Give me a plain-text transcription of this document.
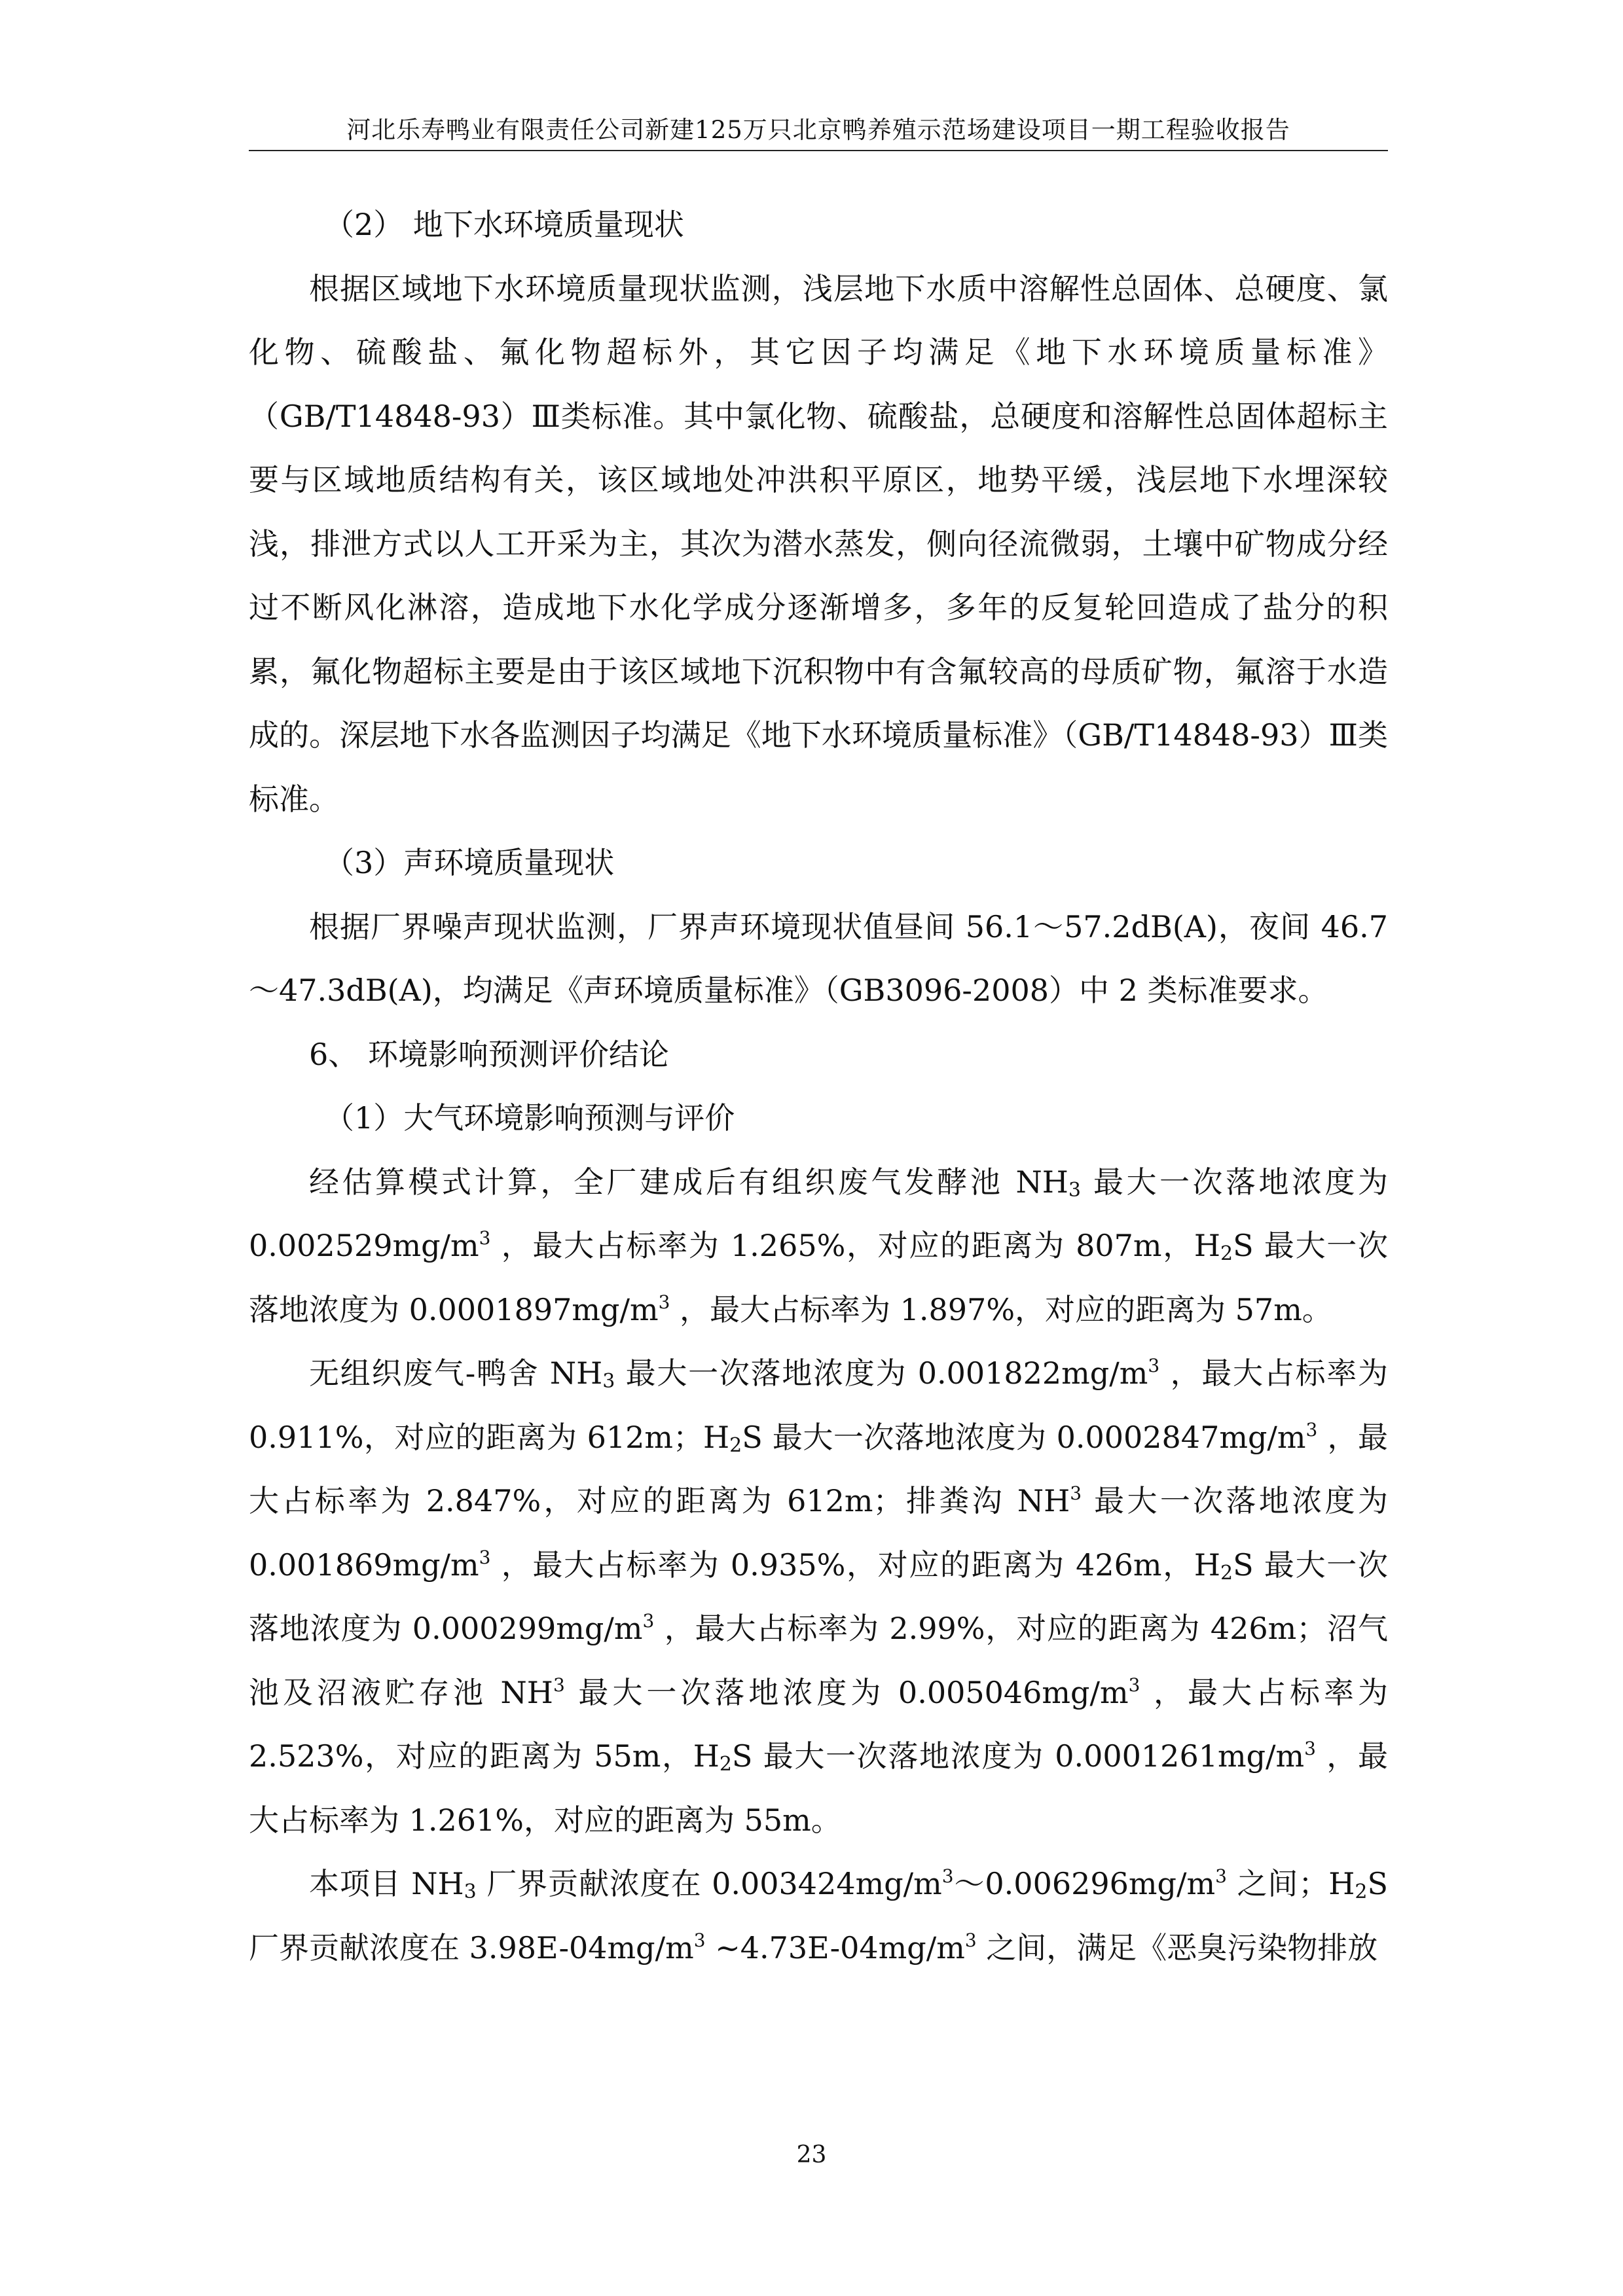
河北乐寿鸭业有限责任公司新建125万只北京鸭养殖示范场建设项目一期工程验收报告

（2） 地下水环境质量现状

根据区域地下水环境质量现状监测，浅层地下水质中溶解性总固体、总硬度、氯化物、硫酸盐、氟化物超标外，其它因子均满足《地下水环境质量标准》（GB/T14848-93）Ⅲ类标准。其中氯化物、硫酸盐，总硬度和溶解性总固体超标主要与区域地质结构有关，该区域地处冲洪积平原区，地势平缓，浅层地下水埋深较浅，排泄方式以人工开采为主，其次为潜水蒸发，侧向径流微弱，土壤中矿物成分经过不断风化淋溶，造成地下水化学成分逐渐增多，多年的反复轮回造成了盐分的积累，氟化物超标主要是由于该区域地下沉积物中有含氟较高的母质矿物，氟溶于水造成的。深层地下水各监测因子均满足《地下水环境质量标准》（GB/T14848-93）Ⅲ类标准。

（3）声环境质量现状

根据厂界噪声现状监测，厂界声环境现状值昼间 56.1～57.2dB(A)，夜间 46.7～47.3dB(A)，均满足《声环境质量标准》（GB3096-2008）中 2 类标准要求。

6、 环境影响预测评价结论

（1）大气环境影响预测与评价

经估算模式计算，全厂建成后有组织废气发酵池 $NH_3$ 最大一次落地浓度为 $0.002529mg/m^3$ ，最大占标率为 1.265%，对应的距离为 807m，$H_2S$ 最大一次落地浓度为 $0.0001897mg/m^3$ ，最大占标率为 1.897%，对应的距离为 57m。

无组织废气-鸭舍 $NH_3$ 最大一次落地浓度为 $0.001822mg/m^3$ ，最大占标率为 0.911%，对应的距离为 612m；$H_2S$ 最大一次落地浓度为 $0.0002847mg/m^3$ ，最大占标率为 2.847%，对应的距离为 612m；排粪沟 $NH^3$ 最大一次落地浓度为 $0.001869mg/m^3$ ，最大占标率为 0.935%，对应的距离为 426m，$H_2S$ 最大一次落地浓度为 $0.000299mg/m^3$ ，最大占标率为 2.99%，对应的距离为 426m；沼气池及沼液贮存池 $NH^3$ 最大一次落地浓度为 $0.005046mg/m^3$ ，最大占标率为 2.523%，对应的距离为 55m，$H_2S$ 最大一次落地浓度为 $0.0001261mg/m^3$ ，最大占标率为 1.261%，对应的距离为 55m。

本项目 $NH_3$ 厂界贡献浓度在 $0.003424mg/m^3\sim 0.006296mg/m^3$ 之间；$H_2S$ 厂界贡献浓度在 $3.98E-04mg/m^3$ $\sim 4.73E-04mg/m^3$ 之间，满足《恶臭污染物排放

23
